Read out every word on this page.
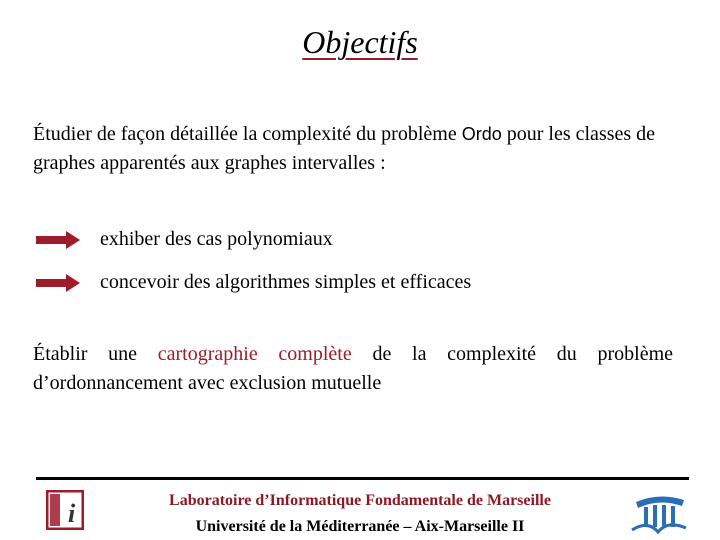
Objectifs
Étudier de façon détaillée la complexité du problème Ordo pour les classes de graphes apparentés aux graphes intervalles :
exhiber des cas polynomiaux
concevoir des algorithmes simples et efficaces
Établir une cartographie complète de la complexité du problème d’ordonnancement avec exclusion mutuelle
i	Laboratoire d’Informatique Fondamentale de Marseille
Université de la Méditerranée – Aix-Marseille II
